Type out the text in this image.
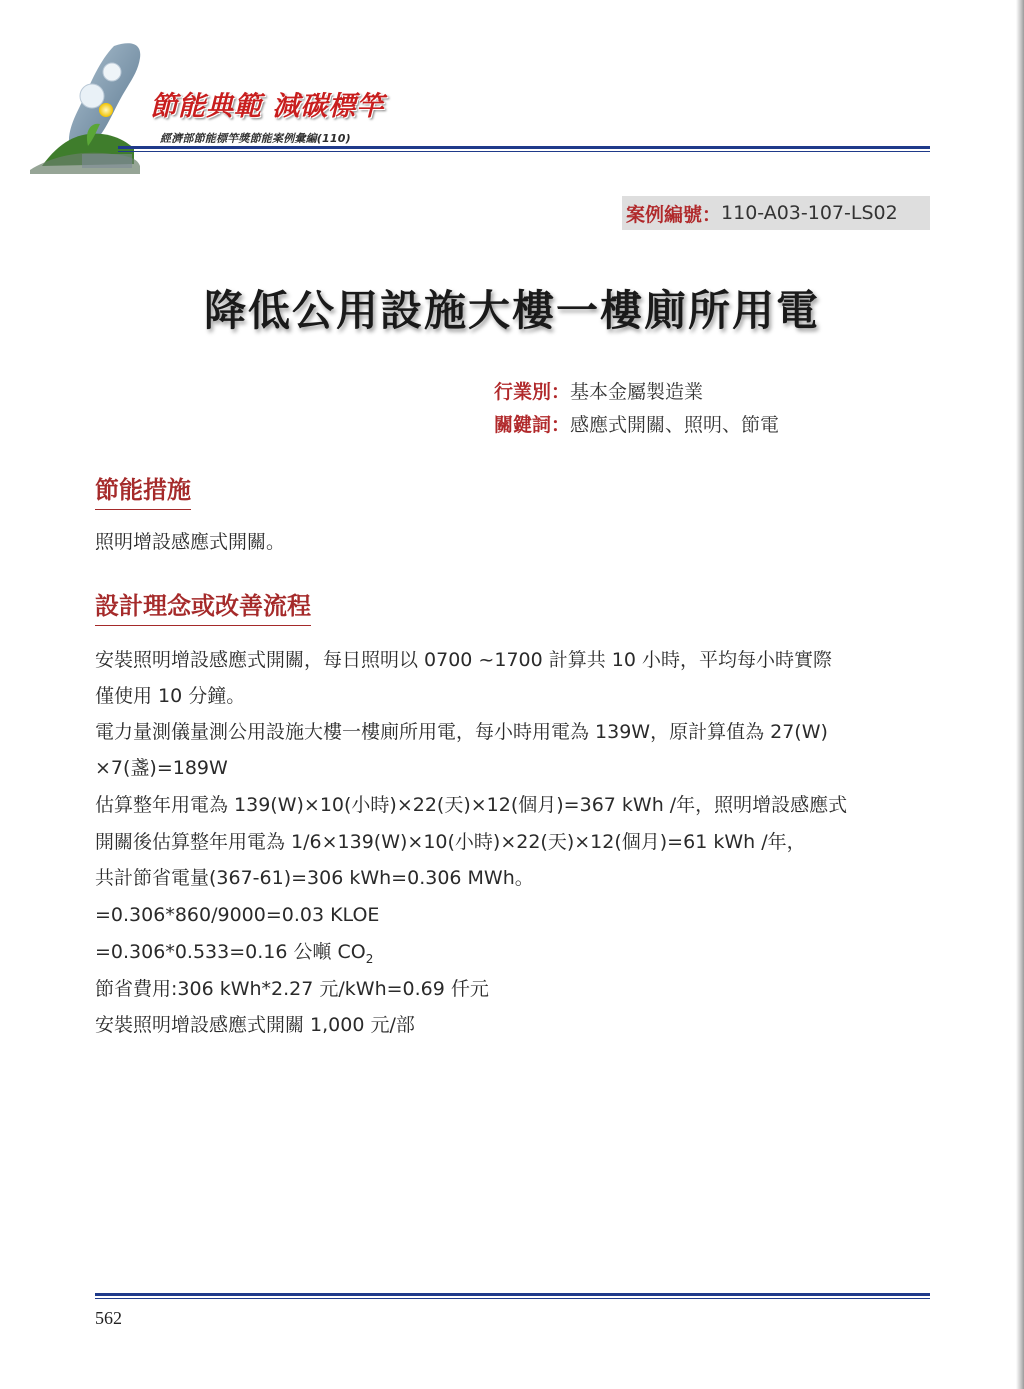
節能典範 減碳標竿
經濟部節能標竿獎節能案例彙編(110)
案例編號： 110-A03-107-LS02
降低公用設施大樓一樓廁所用電
行業別：基本金屬製造業
關鍵詞：感應式開關、照明、節電
節能措施

照明增設感應式開關。

設計理念或改善流程

安裝照明增設感應式開關，每日照明以 0700 ~1700 計算共 10 小時，平均每小時實際

僅使用 10 分鐘。

電力量測儀量測公用設施大樓一樓廁所用電，每小時用電為 139W，原計算值為 27(W)

×7(盞)=189W

估算整年用電為 139(W)×10(小時)×22(天)×12(個月)=367 kWh /年，照明增設感應式

開關後估算整年用電為 1/6×139(W)×10(小時)×22(天)×12(個月)=61 kWh /年，

共計節省電量(367-61)=306 kWh=0.306 MWh。

=0.306*860/9000=0.03 KLOE

=0.306*0.533=0.16 公噸 $CO_2$

節省費用:306 kWh*2.27 元/kWh=0.69 仟元

安裝照明增設感應式開關 1,000 元/部

562
